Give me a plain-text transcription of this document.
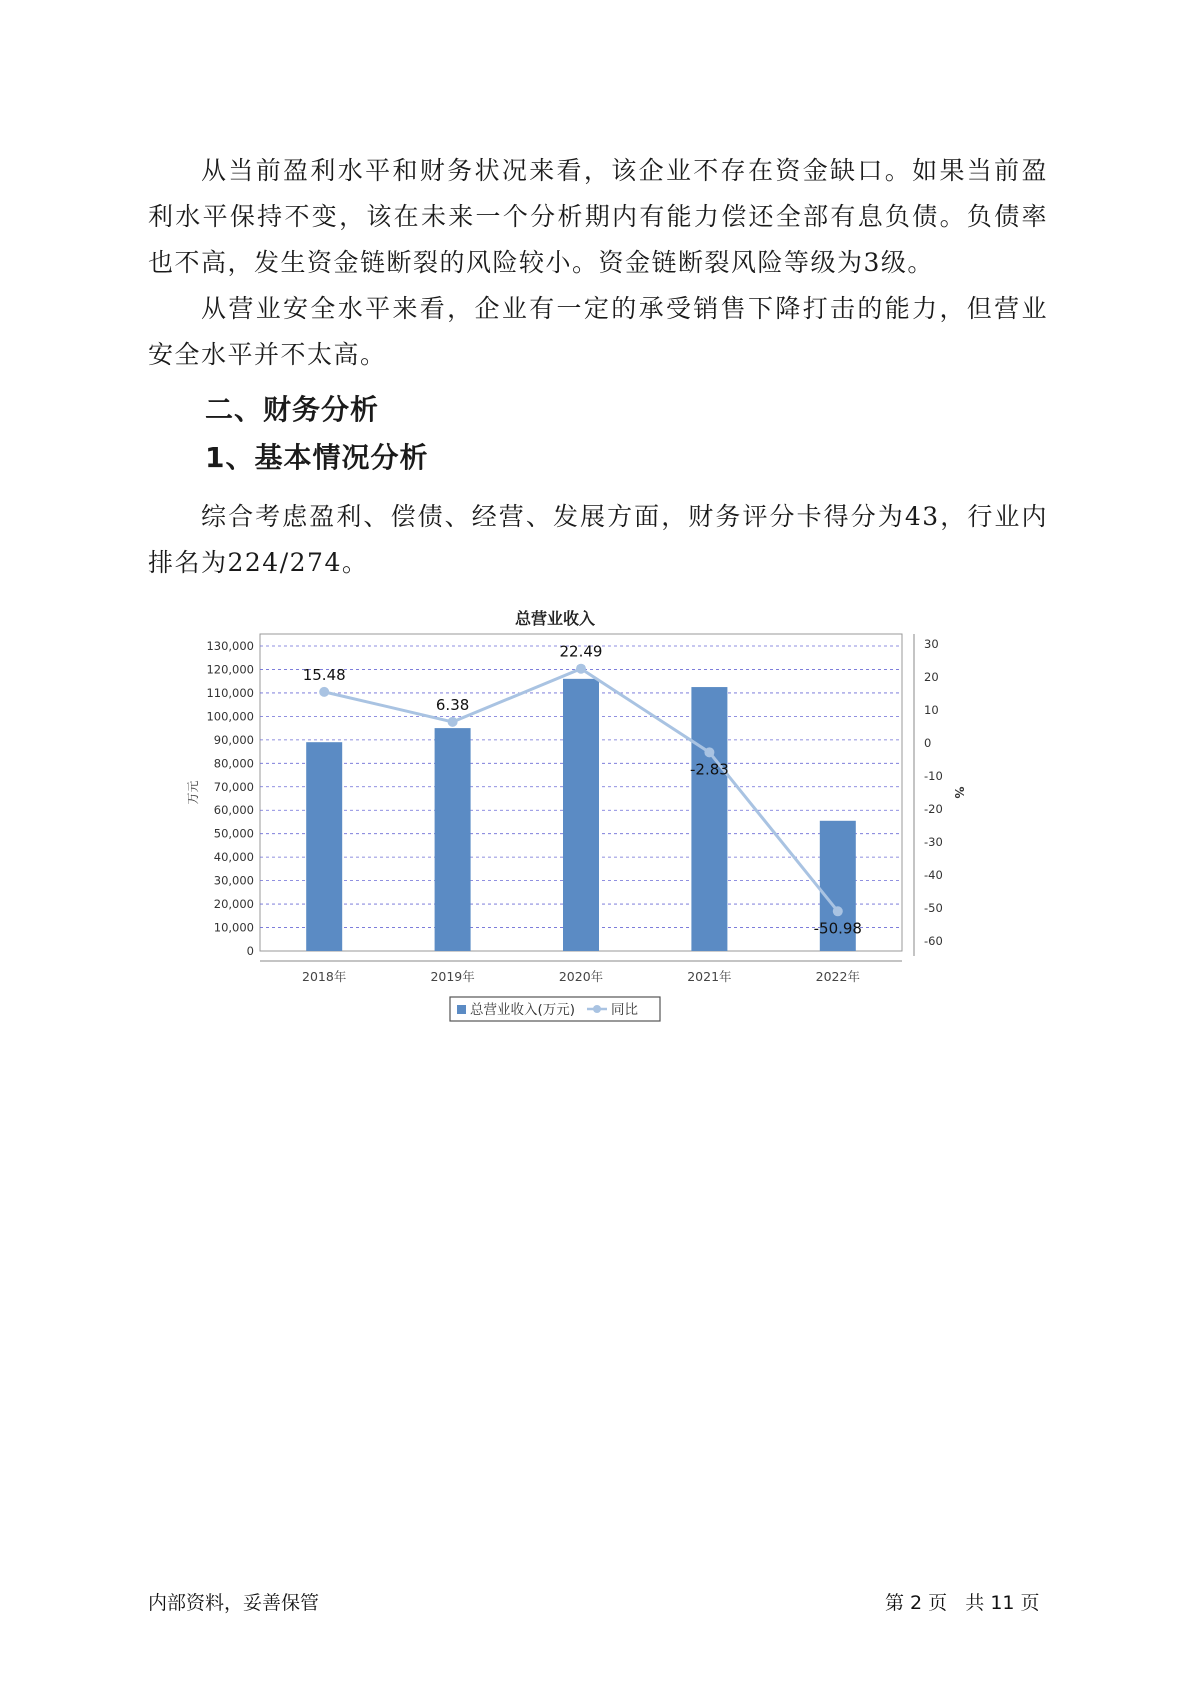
从当前盈利水平和财务状况来看，该企业不存在资金缺口。如果当前盈利水平保持不变，该在未来一个分析期内有能力偿还全部有息负债。负债率也不高，发生资金链断裂的风险较小。资金链断裂风险等级为3级。

从营业安全水平来看，企业有一定的承受销售下降打击的能力，但营业安全水平并不太高。

二、财务分析
1、基本情况分析

综合考虑盈利、偿债、经营、发展方面，财务评分卡得分为43，行业内排名为224/274。

总营业收入
0
10,000
20,000
30,000
40,000
50,000
60,000
70,000
80,000
90,000
100,000
110,000
120,000
130,000
-60
-50
-40
-30
-20
-10
0
10
20
30
万元	%
2018年	2019年	2020年	2021年	2022年
15.48
6.38
22.49
-2.83
-50.98
总营业收入(万元)	同比
内部资料，妥善保管	第 2 页   共 11 页
